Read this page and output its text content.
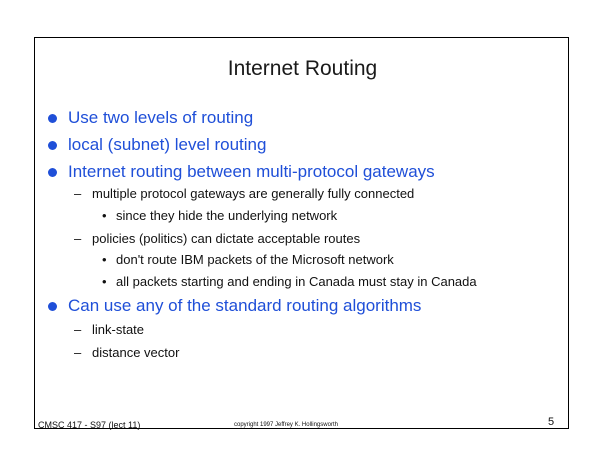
Internet Routing
Use two levels of routing
local (subnet) level routing
Internet routing between multi-protocol gateways
– multiple protocol gateways are generally fully connected
• since they hide the underlying network
– policies (politics) can dictate acceptable routes
• don't route IBM packets of the Microsoft network
• all packets starting and ending in Canada must stay in Canada
Can use any of the standard routing algorithms
– link-state
– distance vector
CMSC 417 - S97 (lect 11)	copyright 1997 Jeffrey K. Hollingsworth	5
